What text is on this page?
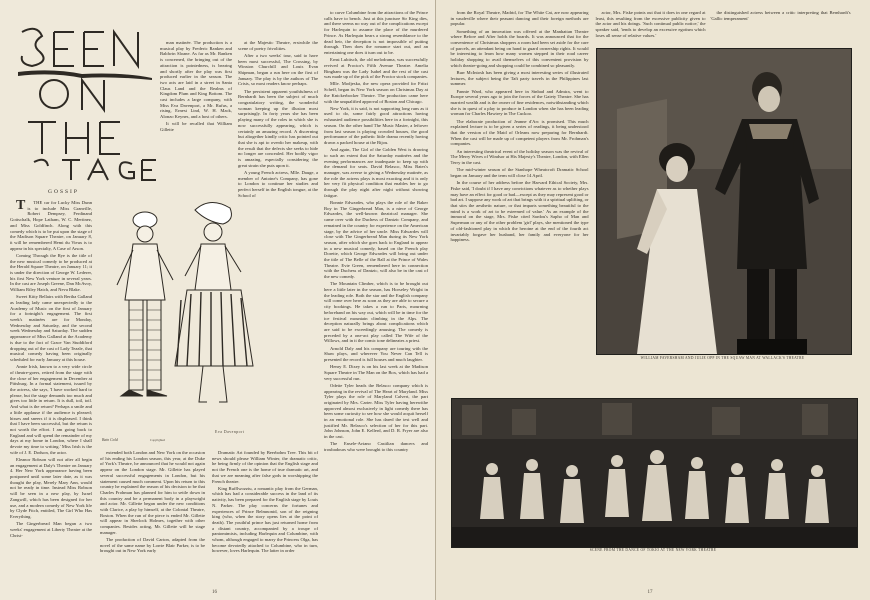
man matinée. The production is a musical play by Frederic Ranken and Baldwin Sloane. As far as Mr. Ranken is concerned, the bringing out of the attraction is pointedness, is bearing and shortly after the play was first produced earlier in the season. The two acts are laid in a street in Santa Claus Land and the Realms of Kingdom Plum and King Bottom. The cast includes a large company, with Miss Eva Davenport, a Mr. Rufus, a rising, Ernest Lind, W. H. Mack, Alonzo Keynes, and a host of others.

It will be recalled that William Gillette

GOSSIP

T THE car for Lucky Miss Dunn is to include Miss Granville, Robert Dempsey, Ferdinand Gottschalk, Hope Latham, W. C. Mertinez, and Miss Goldfinch. Along with this comedy which is to be put upon the stage of the Madison Square Theatre, on January 8, it will be remembered Hemi du Vieux is to appear in his specialty, A Case of Arson.

Coming Through the Rye is the title of the new musical comedy to be produced at the Herald Square Theatre, on January 11; it is under the direction of George W. Lederer, his first New York venture in several years. In the cast are Joseph Greene, Dan McAvoy, William Riley Hatch, and Neva Blake.

Sweet Kitty Bellairs with Bertha Galland as leading lady came unexpectedly to the Academy of Music on the first of January for a fortnight's engagement. The first week's matinées are for Monday, Wednesday and Saturday, and the second week Wednesday and Saturday. The sudden appearance of Miss Galland at the Academy is due to the fact of Grace Van Studdiford dropping out of the cast of Lady Teazle, that musical comedy having been originally scheduled for early January at this house.

Annie Irish, known to a very wide circle of theatre-goers, retired from the stage with the close of her engagement in December at Pittsburg. In a formal statement, issued by the actress, she says, 'I have worked hard to please, but the stage demands too much and gives too little in return. It is dull, toil, toil. And what is the return? Perhaps a smile and a little applause if the audience is pleased; hisses and sneers if it is displeased. I think that I have been successful, but the return is not worth the effort. I am going back to England and will spend the remainder of my days at my home in London, where I shall devote my time to writing.' Miss Irish is the wife of J. E. Dodson, the actor.

Eleanor Robson will not after all begin an engagement at Daly's Theatre on January 4. Her New York appearance having been postponed until some later date, as it was thought the play, Merely Mary Ann, would not be ready in time. Instead Miss Robson will be seen in a new play, by Israel Zangwill, which has been designed for her use, and a modern comedy of New York life by Clyde Fitch, entitled, The Girl Who Has Everything.

The Gingerbread Man began a two weeks' engagement at Liberty Theatre at the Christ-

at the Majestic Theatre, erstwhile the scene of poetry frivolities.

After a two weeks' tour, said to have been most successful, The Crossing, by Winston Churchill and Louis Evan Shipman, began a run here on the first of January. The play is by the authors of The Crisis, so most readers know perhaps.

The persistent apparent youthfulness of Bernhardt has been the subject of much congratulatory writing, the wonderful woman keeping up the illusion most surprisingly. In forty years she has been playing many of the roles in which she is now successfully appearing, which is certainly an amazing record. A discerning but altogether kindly critic has pointed out that she is apt to overdo her makeup, with the result that the defects she seeks to hide no longer are concealed. Her bodily vigor is amazing, especially considering the great strain she puts upon it.

A young French actress, Mlle. Dauge, a member of Antoine's Company, has gone to London to continue her studies and perfect herself in the English tongue, at the School of

to carve Columbine from the attractions of the Prince calls have to bench. Just at this juncture Sir King dies, and there seems no way out of the complications except for Harlequin to assume the place of the murdered Prince. As Harlequin bears a strong resemblance to the dead heir, the deception is not impossible of putting through. Then does the romance start out, and an entertaining one does it turn out to be.

Ernst Lubitsch, the old melodrama, was successfully revived at Proctor's Fifth Avenue Theatre. Amelia Bingham was the Lady Isabel and the rest of the cast was made up of the pick of the Proctor stock companies.

Mlle. Modjeska, the new opera provided for Fritzi Scheff, began its New York season on Christmas Day at the Knickerbocker Theatre. The production came here with the unqualified approval of Boston and Chicago.

New York, it is said, is not supporting long runs as it used to do, some fairly good attractions having exhausted audience possibilities here in a fortnight, this season. On the other hand The Music Master, a leftover from last season is playing crowded houses, the good performance of the pathetic little drama recently having drawn a packed house at the Bijou.

And again, The Girl of the Golden West is drawing to such an extent that the Saturday matinées and the evening performances are inadequate to keep up with the demand for seats. David Belasco, Miss Bates's manager, was averse to giving a Wednesday matinée, as the role the actress plays is most exacting and it is only her very fit physical condition that enables her to go through the play night after night without showing fatigue.

Bonnie Edwardes, who plays the role of the Baker Boy in The Gingerbread Man, is a niece of George Edwardes, the well-known theatrical manager. She came over with the Duchess of Dantzic Company, and remained in the country for experience on the American stage, by the advice of her uncle. Miss Edwardes will close with The Gingerbread Man during its New York season, after which she goes back to England to appear in a new musical comedy, based on the French play Dorette, which George Edwardes will bring out under the title of The Belle of the Ball at the Prince of Wales Theatre. Evie Green, remembered here in connection with the Duchess of Dantzic, will also be in the cast of the new comedy.

The Mountain Climber, which is to be brought out here a little later in the season, has Horseley Wright in the leading role. Both the star and the English company will come over here as soon as they are able to secure a city bookings. He takes a run to Paris, mourning beforehand on his way out, which will be in time for the ice festival mountain climbing in the Alps. The deception naturally brings about complications which are said to be exceedingly amusing. The comedy is preceded by a one-act play called The Wife of the Willows, and in it the comic tone delineates a priest.

Arnold Daly and his company are touring with the Shaw plays, and wherever You Never Can Tell is presented the record is full houses and much laughter.

Henry E. Dixey is on his last week at the Madison Square Theatre in The Man on the Box, which has had a very successful run.

Odette Tyler heads the Belasco company which is appearing in the revival of The Heart of Maryland. Miss Tyler plays the role of Maryland Calvert, the part originated by Mrs. Carter. Miss Tyler having herewithe approved almost exclusively in light comedy there has been some curiosity to see how she would acquit herself in an emotional role. She has dared the test well and justified Mr. Belasco's selection of her for this part. John Johnson, John E. Kellerd, and D. R. Fryer are also in the cast.

The Ensele-Aviano Castilian dancers and troubadours who were brought to this country

Bain Gold	Copyrighted
Eva Davenport

extended both London and New York on the occasion of his ending his London season, this year, at the Duke of York's Theatre, he announced that he would not again appear on the London stage. Mr. Gillette has played several successful engagements in London, but his statement caused much comment. Upon his return to this country he explained the reason of his decision to be that Charles Frohman has planned for him to settle down in this country and be a permanent body in a playwright and actor. Mr. Gillette began under the new conditions with Clarice, a play by himself, at the Colonial Theatre, Boston. When the run of the piece is ended Mr. Gillette will appear in Sherlock Holmes, together with other companies. Besides acting, Mr. Gillette will be stage manager.

The production of David Carton, adapted from the novel of the same name by Lorrie Blair Parker, is to be brought out in New York early

Dramatic Art founded by Beerbohm Tree. This bit of news should please William Winter, the dramatic critic, he being firmly of the opinion that the English stage and not the French one is the home of true dramatic art, and that we are meaning after false gods in worshipping the French theatre.

King Rufflwozziu, a romantic play from the German, which has had a considerable success in the land of its nativity, has been prepared for the English stage by Louis N. Parker. The play concerns the fortunes and experiences of Prince Belmnonid, son of the reigning king (who, when the story opens lies at the point of death). The youthful prince has just returned home from a distant country, accompanied by a troupe of pantomimists, including Harlequin and Columbine, with whom, although engaged to marry the Princess Olga, has become devotedly attached to Columbine, who in turn, however, loves Harlequin. The latter in order

16

from the Royal Theatre, Madrid, for The White Cat, are now appearing in vaudeville where their peasant dancing and their foreign methods are popular.

Something of an innovation was offered at the Manhattan Theatre where Before and After holds the boards. It was announced that for the convenience of Christmas shoppers a room had been set aside for the care of parcels, an attendant being on hand to guard ownership rights. It would be interesting to learn how many women stepped in their road career holiday shopping to avail themselves of this convenient provision by which theatre-going and shopping could be combined so pleasantly.

Burr McIntosh has been giving a most interesting series of illustrated lectures, the subject being the Taft party travels in the Philippines last summer.

Fannie Ward, who appeared here in Sinbad and Admira, went to Europe several years ago to join the forces of the Gaiety Theatre. She has married wealth and is the owner of fine residences, notwithstanding which she is in quest of a play to produce in London when she has been leading woman for Charles Hawtrey in The Cuckoo.

The elaborate production of Jeanne d'Arc is promised. This much explained lecture is to be given a series of readings, it being understood that the version of the Maid of Orleans now preparing for Bernhardt. When the cast will be made up of competent players from Mr. Frohman's companies.

An interesting theatrical event of the holiday season was the revival of The Merry Wives of Windsor at His Majesty's Theatre, London, with Ellen Terry in the cast.

The mid-winter season of the Stanhope Wheatcroft Dramatic School began on January and the term will close 14 April.

In the course of her address before the Harvard Ethical Society, Mrs. Fiske said, 'I doubt if I have any convictions whatever as to whether plays may have an effect for good or bad—except as they may represent good or bad art. I suppose any work of art that brings with it a spiritual uplifting, or that stirs the aesthetic nature, or that imparts something beautiful to the mind is a work of art to be esteemed of value.' As an example of the immoral on the stage, Mrs. Fiske cited Sardou's Sapho of Man and Superman or any of the other problem 'girl' plays, she mentioned the type of old-fashioned play in which the heroine at the end of the fourth act invariably forgave her husband, her family and everyone for her happiness.

actor, Mrs. Fiske points out that it does in one regard at least, this resulting from the excessive publicity given to the actor and his doings. 'Such continual public notice,' the speaker said, 'tends to develop an excessive egotism which loses all sense of relative values.'

the distinguished actress between a critic interpreting that Bernhardt's 'Gallic temperament'

WILLIAM FAVERSHAM AND JULIE OPP IN THE SQUAW MAN AT WALLACK'S THEATRE

SCENE FROM THE DANCE OF TOKIO AT THE NEW YORK THEATRE

17
